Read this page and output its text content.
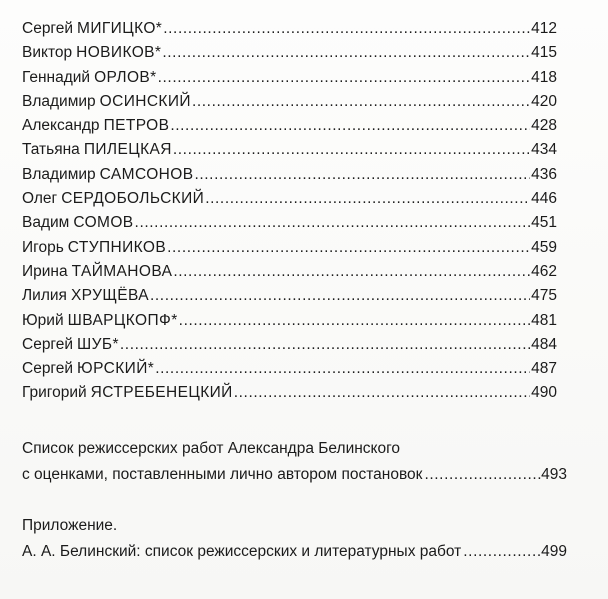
Сергей МИГИЦКО* .....	412
Виктор НОВИКОВ* .....	415
Геннадий ОРЛОВ* .....	418
Владимир ОСИНСКИЙ .....	420
Александр ПЕТРОВ .....	428
Татьяна ПИЛЕЦКАЯ .....	434
Владимир САМСОНОВ .....	436
Олег СЕРДОБОЛЬСКИЙ .....	446
Вадим СОМОВ .....	451
Игорь СТУПНИКОВ .....	459
Ирина ТАЙМАНОВА .....	462
Лилия ХРУЩЁВА .....	475
Юрий ШВАРЦКОПФ* .....	481
Сергей ШУБ* .....	484
Сергей ЮРСКИЙ* .....	487
Григорий ЯСТРЕБЕНЕЦКИЙ .....	490
Список режиссерских работ Александра Белинского
с оценками, поставленными лично автором постановок .....	493
Приложение.
А. А. Белинский: список режиссерских и литературных работ .....	499
